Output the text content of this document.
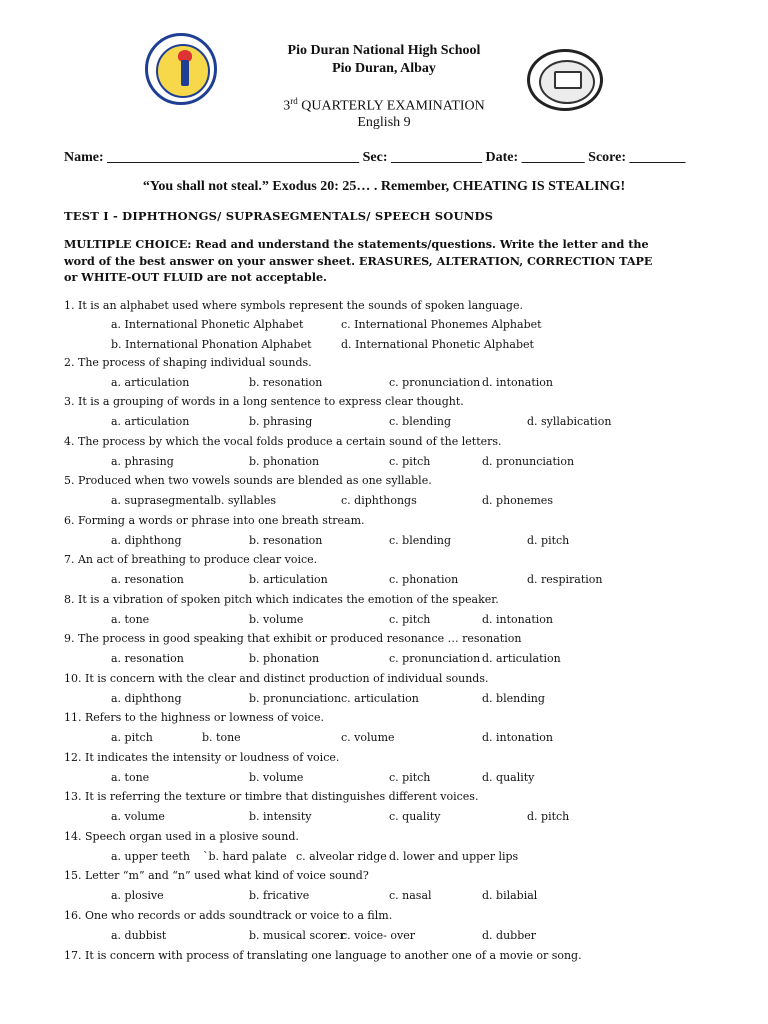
Pio Duran National High School
Pio Duran, Albay
3rd QUARTERLY EXAMINATION
English 9
Name: ____________________________________ Sec: _____________ Date: _________ Score: ________
“You shall not steal.” Exodus 20: 25… . Remember, CHEATING IS STEALING!
TEST I - DIPHTHONGS/ SUPRASEGMENTALS/ SPEECH SOUNDS
MULTIPLE CHOICE: Read and understand the statements/questions. Write the letter and the word of the best answer on your answer sheet. ERASURES, ALTERATION, CORRECTION TAPE or WHITE-OUT FLUID are not acceptable.
1. It is an alphabet used where symbols represent the sounds of spoken language.
a. International Phonetic Alphabet	c. International Phonemes Alphabet
b. International Phonation Alphabet	d. International Phonetic Alphabet
2. The process of shaping individual sounds.
a. articulation	b. resonation	c. pronunciation d. intonation
3. It is a grouping of words in a long sentence to express clear thought.
a. articulation	b. phrasing	c. blending	d. syllabication
4. The process by which the vocal folds produce a certain sound of the letters.
a. phrasing	b. phonation	c. pitch	d. pronunciation
5. Produced when two vowels sounds are blended as one syllable.
a. suprasegmentalb. syllables	c. diphthongs	d. phonemes
6. Forming a words or phrase into one breath stream.
a. diphthong	b. resonation	c. blending	d. pitch
7. An act of breathing to produce clear voice.
a. resonation	b. articulation	c. phonation	d. respiration
8. It is a vibration of spoken pitch which indicates the emotion of the speaker.
a. tone	b. volume	c. pitch	d. intonation
9. The process in good speaking that exhibit or produced resonance … resonation
a. resonation	b. phonation	c. pronunciation d. articulation
10. It is concern with the clear and distinct production of individual sounds.
a. diphthong	b. pronunciation c. articulation	d. blending
11. Refers to the highness or lowness of voice.
a. pitch	b. tone	c. volume	d. intonation
12. It indicates the intensity or loudness of voice.
a. tone	b. volume	c. pitch	d. quality
13. It is referring the texture or timbre that distinguishes different voices.
a. volume	b. intensity	c. quality	d. pitch
14. Speech organ used in a plosive sound.
a. upper teeth `b. hard palate c. alveolar ridge d. lower and upper lips
15. Letter “m” and “n” used what kind of voice sound?
a. plosive	b. fricative	c. nasal	d. bilabial
16. One who records or adds soundtrack or voice to a film.
a. dubbist	b. musical scorer
c. voice- over	d. dubber
17. It is concern with process of translating one language to another one of a movie or song.
